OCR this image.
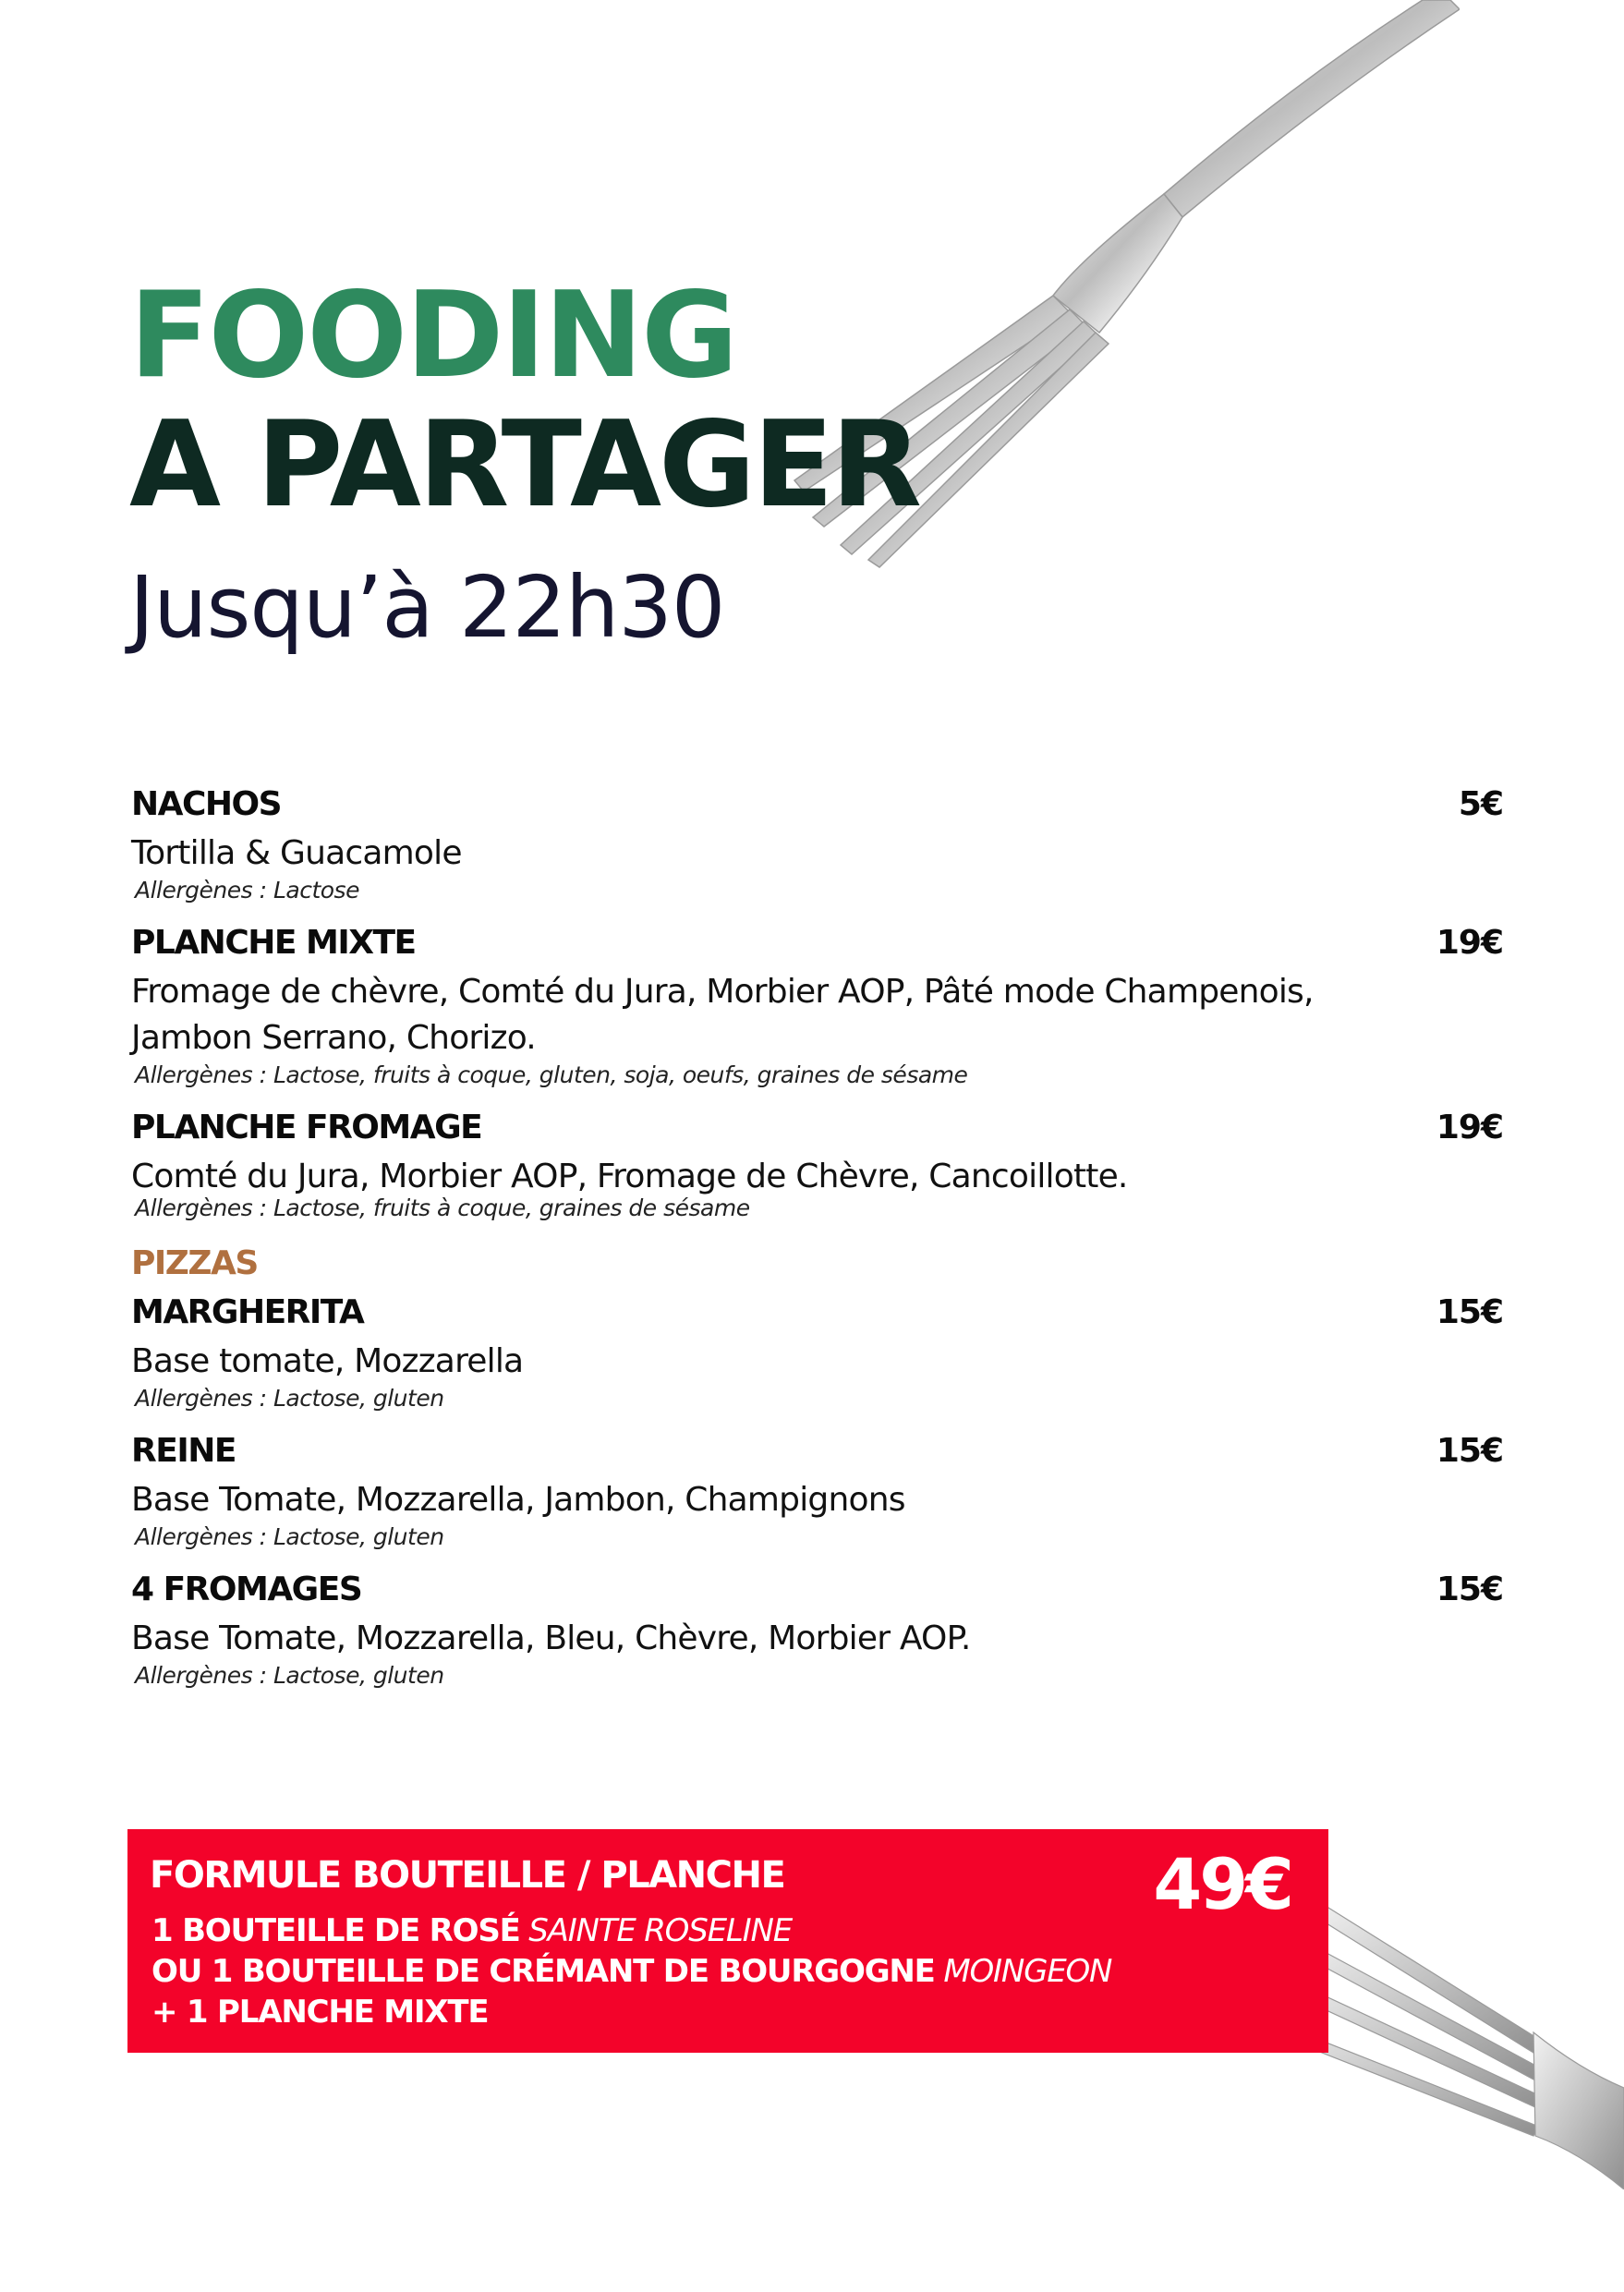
FOODING
A PARTAGER
Jusqu’à 22h30
NACHOS	5€
Tortilla & Guacamole
Allergènes : Lactose
PLANCHE MIXTE	19€
Fromage de chèvre, Comté du Jura, Morbier AOP, Pâté mode Champenois,
Jambon Serrano, Chorizo.
Allergènes : Lactose, fruits à coque, gluten, soja, oeufs, graines de sésame
PLANCHE FROMAGE	19€
Comté du Jura, Morbier AOP, Fromage de Chèvre, Cancoillotte.
Allergènes : Lactose, fruits à coque, graines de sésame
PIZZAS
MARGHERITA	15€
Base tomate, Mozzarella
Allergènes : Lactose, gluten
REINE	15€
Base Tomate, Mozzarella, Jambon, Champignons
Allergènes : Lactose, gluten
4 FROMAGES	15€
Base Tomate, Mozzarella, Bleu, Chèvre, Morbier AOP.
Allergènes : Lactose, gluten
FORMULE BOUTEILLE / PLANCHE	49€
1 BOUTEILLE DE ROSÉ SAINTE ROSELINE
OU 1 BOUTEILLE DE CRÉMANT DE BOURGOGNE MOINGEON
+ 1 PLANCHE MIXTE
